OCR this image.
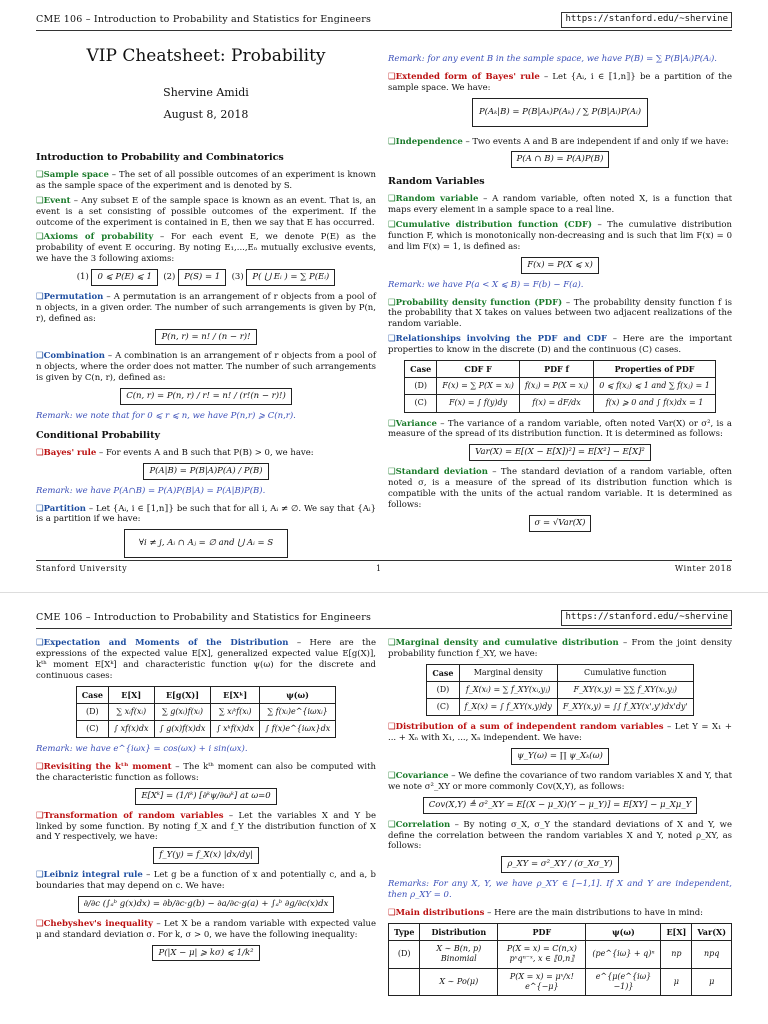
CME 106 – Introduction to Probability and Statistics for Engineers	https://stanford.edu/~shervine
VIP Cheatsheet: Probability
Shervine Amidi
August 8, 2018
Introduction to Probability and Combinatorics

❑ Sample space – The set of all possible outcomes of an experiment is known as the sample space of the experiment and is denoted by S.

❑ Event – Any subset E of the sample space is known as an event. That is, an event is a set consisting of possible outcomes of the experiment. If the outcome of the experiment is contained in E, then we say that E has occurred.

❑ Axioms of probability – For each event E, we denote P(E) as the probability of event E occuring. By noting E₁,...,Eₙ mutually exclusive events, we have the 3 following axioms:

(1) 0 ⩽ P(E) ⩽ 1 (2) P(S) = 1 (3) P( ⋃ Eᵢ ) = ∑ P(Eᵢ)

❑ Permutation – A permutation is an arrangement of r objects from a pool of n objects, in a given order. The number of such arrangements is given by P(n, r), defined as:

P(n, r) = n! / (n − r)!

❑ Combination – A combination is an arrangement of r objects from a pool of n objects, where the order does not matter. The number of such arrangements is given by C(n, r), defined as:

C(n, r) = P(n, r) / r! = n! / (r!(n − r)!)

Remark: we note that for 0 ⩽ r ⩽ n, we have P(n,r) ⩾ C(n,r).

Conditional Probability

❑ Bayes' rule – For events A and B such that P(B) > 0, we have:

P(A|B) = P(B|A)P(A) / P(B)

Remark: we have P(A∩B) = P(A)P(B|A) = P(A|B)P(B).

❑ Partition – Let {Aᵢ, i ∈ ⟦1,n⟧} be such that for all i, Aᵢ ≠ ∅. We say that {Aᵢ} is a partition if we have:

∀i ≠ j, Aᵢ ∩ Aⱼ = ∅ and ⋃ Aᵢ = S

Remark: for any event B in the sample space, we have P(B) = ∑ P(B|Aᵢ)P(Aᵢ).

❑ Extended form of Bayes' rule – Let {Aᵢ, i ∈ ⟦1,n⟧} be a partition of the sample space. We have:

P(Aₖ|B) = P(B|Aₖ)P(Aₖ) / ∑ P(B|Aᵢ)P(Aᵢ)

❑ Independence – Two events A and B are independent if and only if we have:

P(A ∩ B) = P(A)P(B)
Random Variables

❑ Random variable – A random variable, often noted X, is a function that maps every element in a sample space to a real line.

❑ Cumulative distribution function (CDF) – The cumulative distribution function F, which is monotonically non-decreasing and is such that lim F(x) = 0 and lim F(x) = 1, is defined as:

F(x) = P(X ⩽ x)

Remark: we have P(a < X ⩽ B) = F(b) − F(a).

❑ Probability density function (PDF) – The probability density function f is the probability that X takes on values between two adjacent realizations of the random variable.

❑ Relationships involving the PDF and CDF – Here are the important properties to know in the discrete (D) and the continuous (C) cases.

Case	CDF F	PDF f	Properties of PDF
(D)	F(x) = ∑ P(X = xᵢ)	f(xⱼ) = P(X = xⱼ)	0 ⩽ f(xⱼ) ⩽ 1 and ∑ f(xⱼ) = 1
(C)	F(x) = ∫ f(y)dy	f(x) = dF/dx	f(x) ⩾ 0 and ∫ f(x)dx = 1

❑ Variance – The variance of a random variable, often noted Var(X) or σ², is a measure of the spread of its distribution function. It is determined as follows:

Var(X) = E[(X − E[X])²] = E[X²] − E[X]²

❑ Standard deviation – The standard deviation of a random variable, often noted σ, is a measure of the spread of its distribution function which is compatible with the units of the actual random variable. It is determined as follows:

σ = √Var(X)
Stanford University	1	Winter 2018
CME 106 – Introduction to Probability and Statistics for Engineers	https://stanford.edu/~shervine

❑ Expectation and Moments of the Distribution – Here are the expressions of the expected value E[X], generalized expected value E[g(X)], kᵗʰ moment E[Xᵏ] and characteristic function ψ(ω) for the discrete and continuous cases:

Case	E[X]	E[g(X)]	E[Xᵏ]	ψ(ω)
(D)	∑ xᵢf(xᵢ)	∑ g(xᵢ)f(xᵢ)	∑ xᵢᵏf(xᵢ)	∑ f(xᵢ)e^{iωxᵢ}
(C)	∫ xf(x)dx	∫ g(x)f(x)dx	∫ xᵏf(x)dx	∫ f(x)e^{iωx}dx

Remark: we have e^{iωx} = cos(ωx) + i sin(ωx).

❑ Revisiting the kᵗʰ moment – The kᵗʰ moment can also be computed with the characteristic function as follows:

E[Xᵏ] = (1/iᵏ) [∂ᵏψ/∂ωᵏ] at ω=0

❑ Transformation of random variables – Let the variables X and Y be linked by some function. By noting f_X and f_Y the distribution function of X and Y respectively, we have:

f_Y(y) = f_X(x) |dx/dy|

❑ Leibniz integral rule – Let g be a function of x and potentially c, and a, b boundaries that may depend on c. We have:

∂/∂c (∫ₐᵇ g(x)dx) = ∂b/∂c·g(b) − ∂a/∂c·g(a) + ∫ₐᵇ ∂g/∂c(x)dx

❑ Chebyshev's inequality – Let X be a random variable with expected value μ and standard deviation σ. For k, σ > 0, we have the following inequality:

P(|X − μ| ⩾ kσ) ⩽ 1/k²

❑ Marginal density and cumulative distribution – From the joint density probability function f_XY, we have:

Case	Marginal density	Cumulative function
(D)	f_X(xᵢ) = ∑ f_XY(xᵢ,yⱼ)	F_XY(x,y) = ∑∑ f_XY(xᵢ,yⱼ)
(C)	f_X(x) = ∫ f_XY(x,y)dy	F_XY(x,y) = ∫∫ f_XY(x',y')dx'dy'

❑ Distribution of a sum of independent random variables – Let Y = X₁ + ... + Xₙ with X₁, ..., Xₙ independent. We have:

ψ_Y(ω) = ∏ ψ_Xₖ(ω)

❑ Covariance – We define the covariance of two random variables X and Y, that we note σ²_XY or more commonly Cov(X,Y), as follows:

Cov(X,Y) ≜ σ²_XY = E[(X − μ_X)(Y − μ_Y)] = E[XY] − μ_Xμ_Y

❑ Correlation – By noting σ_X, σ_Y the standard deviations of X and Y, we define the correlation between the random variables X and Y, noted ρ_XY, as follows:

ρ_XY = σ²_XY / (σ_Xσ_Y)

Remarks: For any X, Y, we have ρ_XY ∈ [−1,1]. If X and Y are independent, then ρ_XY = 0.

❑ Main distributions – Here are the main distributions to have in mind:

Type	Distribution	PDF	ψ(ω)	E[X]	Var(X)
(D)	X ∼ B(n, p) Binomial	P(X = x) = C(n,x) pˣqⁿ⁻ˣ, x ∈ ⟦0,n⟧	(pe^{iω} + q)ⁿ	np	npq
	X ∼ Po(μ)	P(X = x) = μˣ/x! e^{−μ}	e^{μ(e^{iω}−1)}	μ	μ
